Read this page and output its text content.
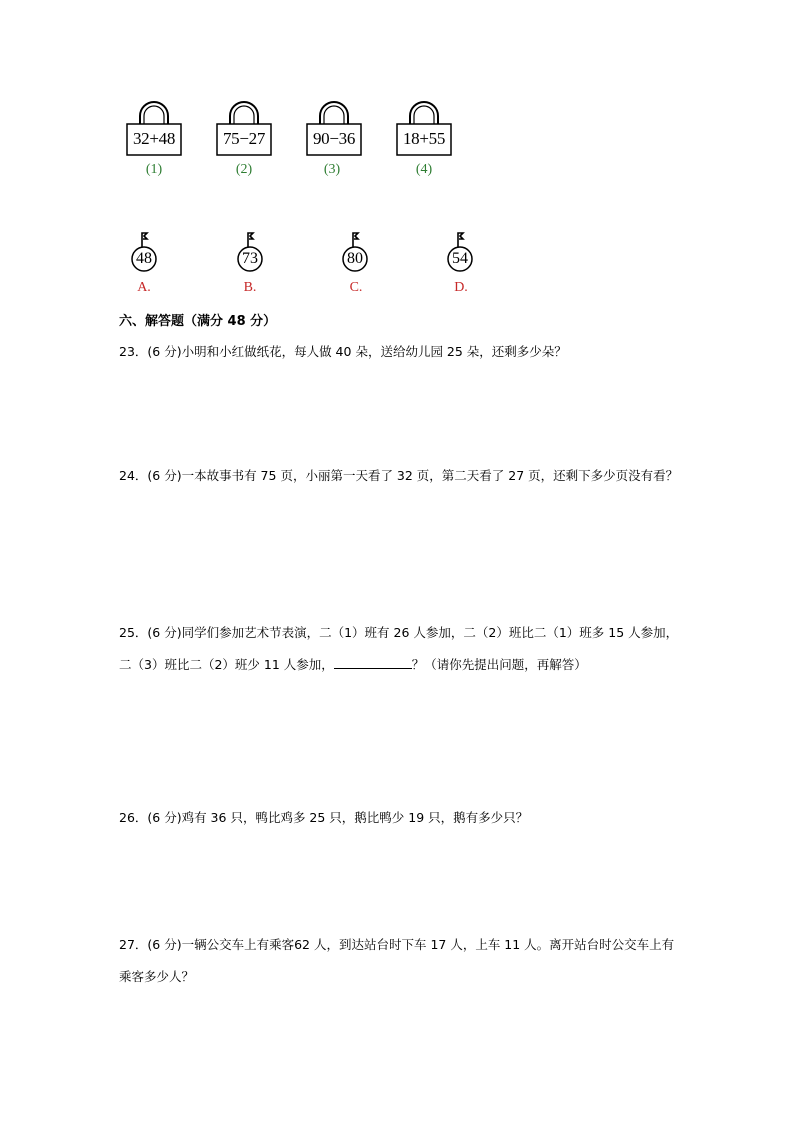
32+48
(1)
75−27
(2)
90−36
(3)
18+55
(4)
48
A.
73
B.
80
C.
54
D.
六、解答题（满分 48 分）
23．(6 分)小明和小红做纸花，每人做 40 朵，送给幼儿园 25 朵，还剩多少朵？
24．(6 分)一本故事书有 75 页，小丽第一天看了 32 页，第二天看了 27 页，还剩下多少页没有看？
25．(6 分)同学们参加艺术节表演，二（1）班有 26 人参加，二（2）班比二（1）班多 15 人参加，二（3）班比二（2）班少 11 人参加，	？（请你先提出问题，再解答）
26．(6 分)鸡有 36 只，鸭比鸡多 25 只，鹅比鸭少 19 只，鹅有多少只？
27．(6 分)一辆公交车上有乘客62 人，到达站台时下车 17 人，上车 11 人。离开站台时公交车上有乘客多少人？
